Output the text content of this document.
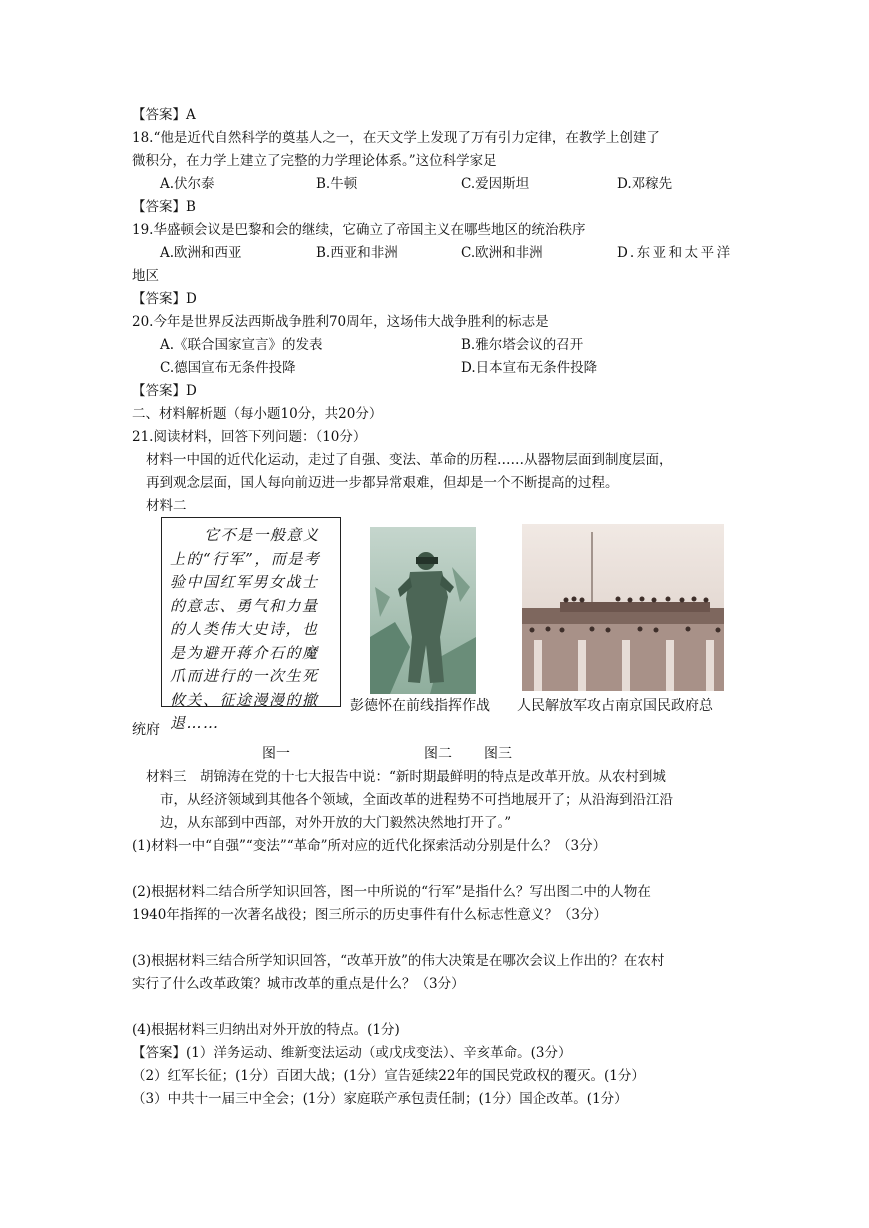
【答案】A
18.“他是近代自然科学的奠基人之一，在天文学上发现了万有引力定律，在教学上创建了
微积分，在力学上建立了完整的力学理论体系。”这位科学家足
A.伏尔泰	B.牛顿	C.爱因斯坦	D.邓稼先
【答案】B
19.华盛顿会议是巴黎和会的继续，它确立了帝国主义在哪些地区的统治秩序
A.欧洲和西亚	B.西亚和非洲	C.欧洲和非洲	D.东亚和太平洋
地区
【答案】D
20.今年是世界反法西斯战争胜利70周年，这场伟大战争胜利的标志是
A.《联合国家宣言》的发表	B.雅尔塔会议的召开
C.德国宣布无条件投降	D.日本宣布无条件投降
【答案】D
二、材料解析题（每小题10分，共20分）
21.阅读材料，回答下列问题：（10分）
材料一中国的近代化运动，走过了自强、变法、革命的历程……从器物层面到制度层面，
再到观念层面，国人每向前迈进一步都异常艰难，但却是一个不断提高的过程。
材料二
它不是一般意义上的“行军”，而是考验中国红军男女战士的意志、勇气和力量的人类伟大史诗，也是为避开蒋介石的魔爪而进行的一次生死攸关、征途漫漫的撤退……
彭德怀在前线指挥作战 人民解放军攻占南京国民政府总
统府
图一	图二 图三
材料三　胡锦涛在党的十七大报告中说：“新时期最鲜明的特点是改革开放。从农村到城
市，从经济领域到其他各个领域，全面改革的进程势不可挡地展开了；从沿海到沿江沿
边，从东部到中西部，对外开放的大门毅然决然地打开了。”
(1)材料一中“自强”“变法”“革命”所对应的近代化探索活动分别是什么？（3分）
(2)根据材料二结合所学知识回答，图一中所说的“行军”是指什么？写出图二中的人物在
1940年指挥的一次著名战役；图三所示的历史事件有什么标志性意义？（3分）
(3)根据材料三结合所学知识回答，“改革开放”的伟大决策是在哪次会议上作出的？在农村
实行了什么改革政策？城市改革的重点是什么？（3分）
(4)根据材料三归纳出对外开放的特点。(1分)
【答案】(1）洋务运动、维新变法运动（或戊戌变法）、辛亥革命。(3分）
（2）红军长征；(1分）百团大战；(1分）宣告延续22年的国民党政权的覆灭。(1分）
（3）中共十一届三中全会；(1分）家庭联产承包责任制；(1分）国企改革。(1分）
